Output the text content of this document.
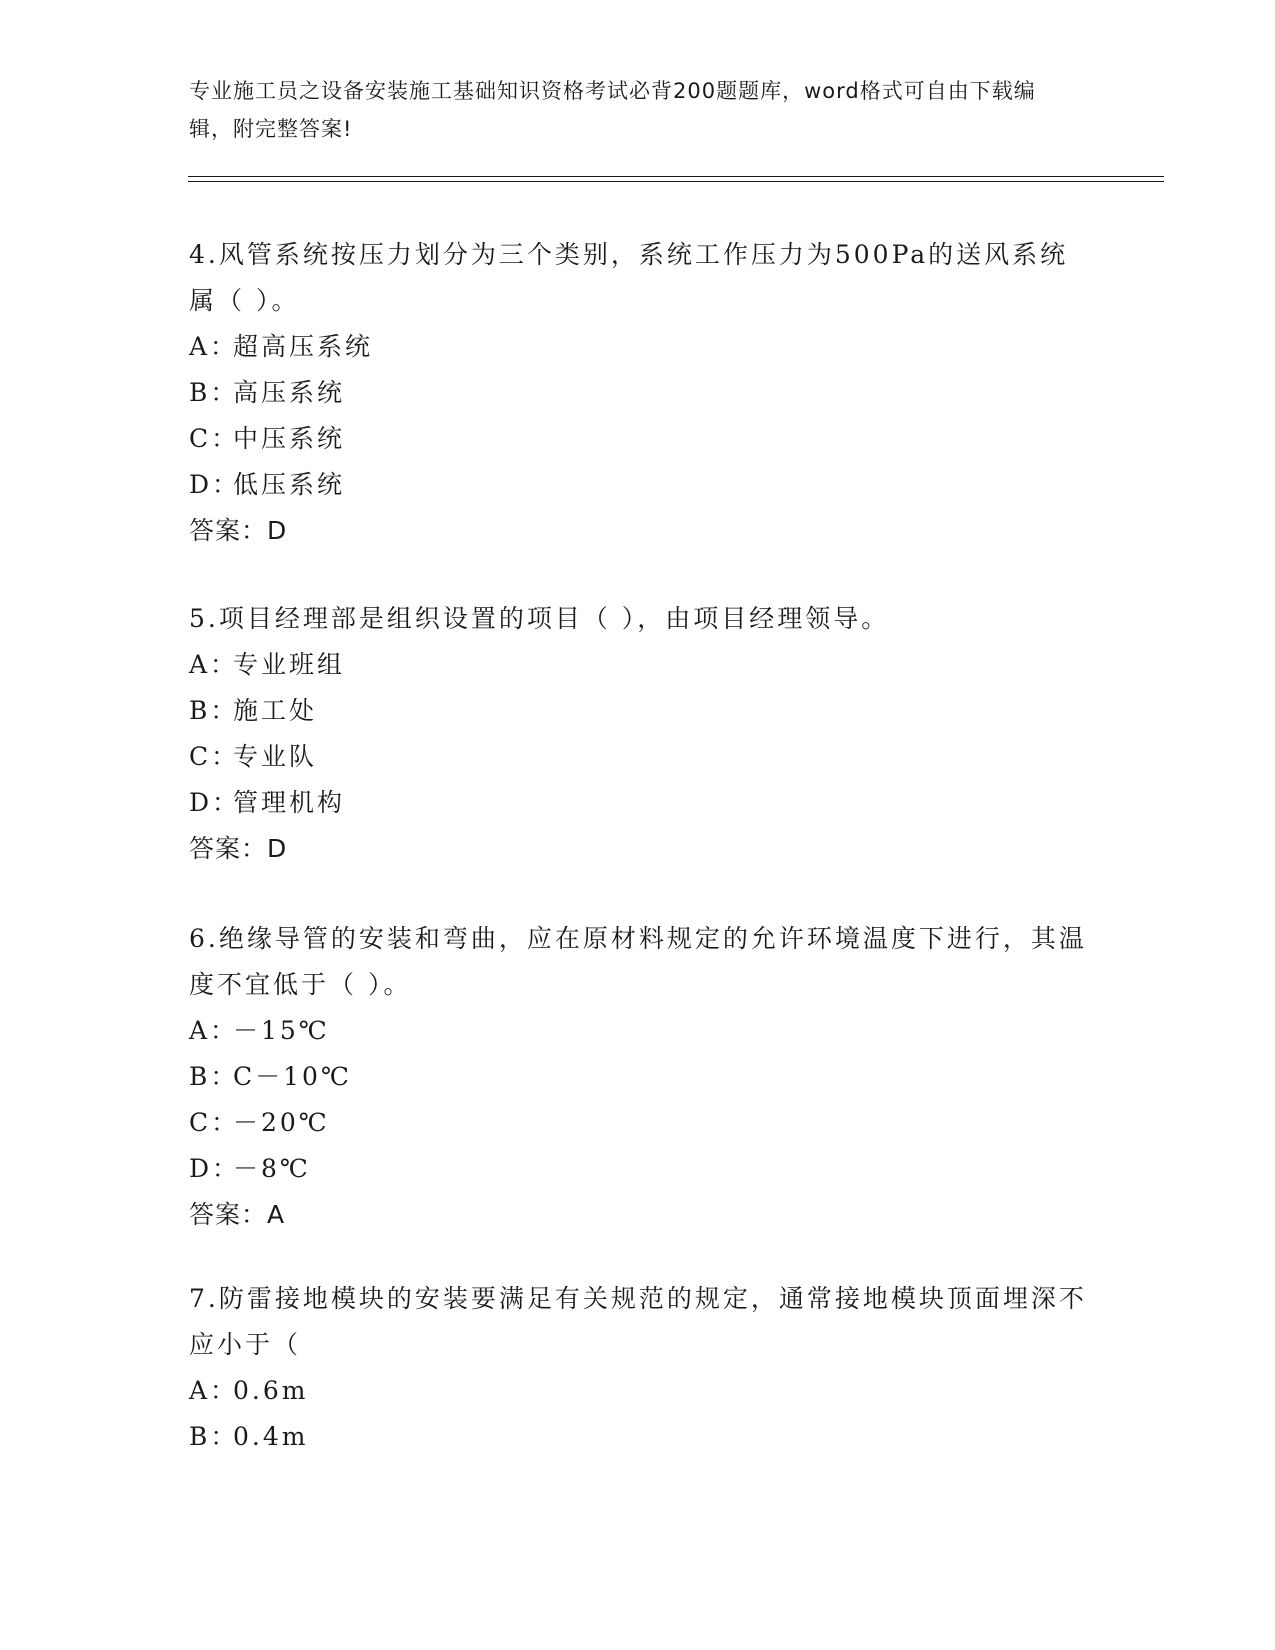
专业施工员之设备安装施工基础知识资格考试必背200题题库，word格式可自由下载编辑，附完整答案!
4.风管系统按压力划分为三个类别，系统工作压力为500Pa的送风系统属（ ）。
A：超高压系统
B：高压系统
C：中压系统
D：低压系统
答案：D
5.项目经理部是组织设置的项目（ ），由项目经理领导。
A：专业班组
B：施工处
C：专业队
D：管理机构
答案：D
6.绝缘导管的安装和弯曲，应在原材料规定的允许环境温度下进行，其温度不宜低于（ ）。
A：－15℃
B：C－10℃
C：－20℃
D：－8℃
答案：A
7.防雷接地模块的安装要满足有关规范的规定，通常接地模块顶面埋深不应小于（
A：0.6m
B：0.4m
